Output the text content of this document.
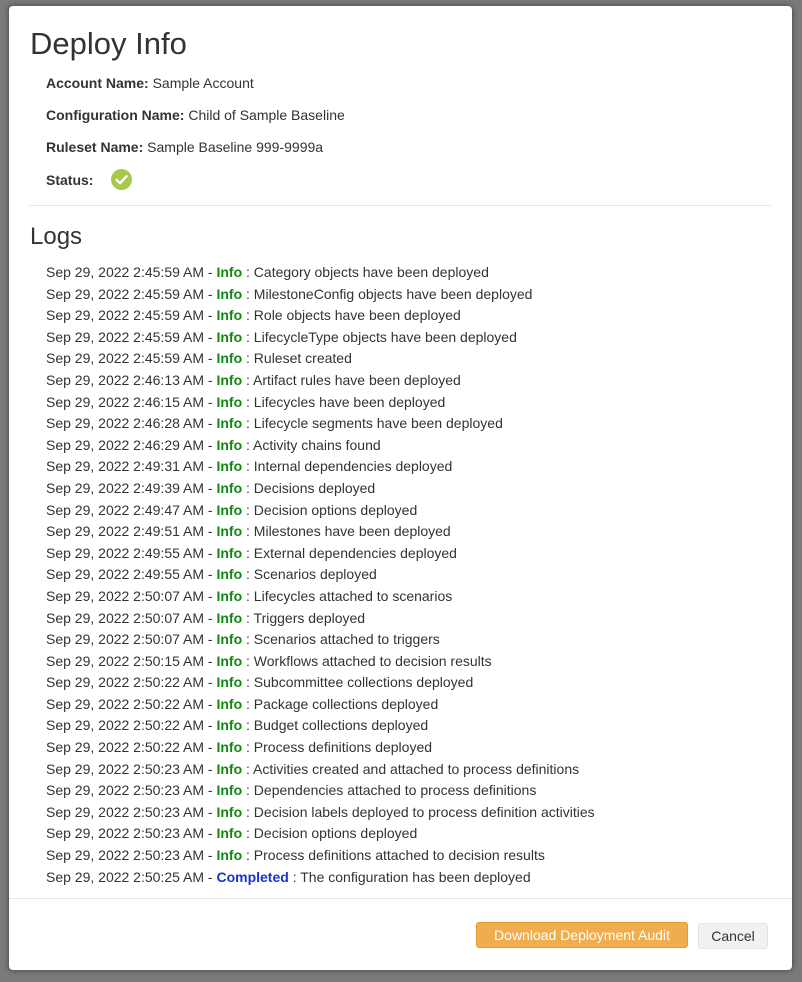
Deploy Info
Account Name: Sample Account
Configuration Name: Child of Sample Baseline
Ruleset Name: Sample Baseline 999-9999a
Status:
Logs
Sep 29, 2022 2:45:59 AM - Info : Category objects have been deployed
Sep 29, 2022 2:45:59 AM - Info : MilestoneConfig objects have been deployed
Sep 29, 2022 2:45:59 AM - Info : Role objects have been deployed
Sep 29, 2022 2:45:59 AM - Info : LifecycleType objects have been deployed
Sep 29, 2022 2:45:59 AM - Info : Ruleset created
Sep 29, 2022 2:46:13 AM - Info : Artifact rules have been deployed
Sep 29, 2022 2:46:15 AM - Info : Lifecycles have been deployed
Sep 29, 2022 2:46:28 AM - Info : Lifecycle segments have been deployed
Sep 29, 2022 2:46:29 AM - Info : Activity chains found
Sep 29, 2022 2:49:31 AM - Info : Internal dependencies deployed
Sep 29, 2022 2:49:39 AM - Info : Decisions deployed
Sep 29, 2022 2:49:47 AM - Info : Decision options deployed
Sep 29, 2022 2:49:51 AM - Info : Milestones have been deployed
Sep 29, 2022 2:49:55 AM - Info : External dependencies deployed
Sep 29, 2022 2:49:55 AM - Info : Scenarios deployed
Sep 29, 2022 2:50:07 AM - Info : Lifecycles attached to scenarios
Sep 29, 2022 2:50:07 AM - Info : Triggers deployed
Sep 29, 2022 2:50:07 AM - Info : Scenarios attached to triggers
Sep 29, 2022 2:50:15 AM - Info : Workflows attached to decision results
Sep 29, 2022 2:50:22 AM - Info : Subcommittee collections deployed
Sep 29, 2022 2:50:22 AM - Info : Package collections deployed
Sep 29, 2022 2:50:22 AM - Info : Budget collections deployed
Sep 29, 2022 2:50:22 AM - Info : Process definitions deployed
Sep 29, 2022 2:50:23 AM - Info : Activities created and attached to process definitions
Sep 29, 2022 2:50:23 AM - Info : Dependencies attached to process definitions
Sep 29, 2022 2:50:23 AM - Info : Decision labels deployed to process definition activities
Sep 29, 2022 2:50:23 AM - Info : Decision options deployed
Sep 29, 2022 2:50:23 AM - Info : Process definitions attached to decision results
Sep 29, 2022 2:50:25 AM - Completed : The configuration has been deployed
Download Deployment Audit	Cancel
